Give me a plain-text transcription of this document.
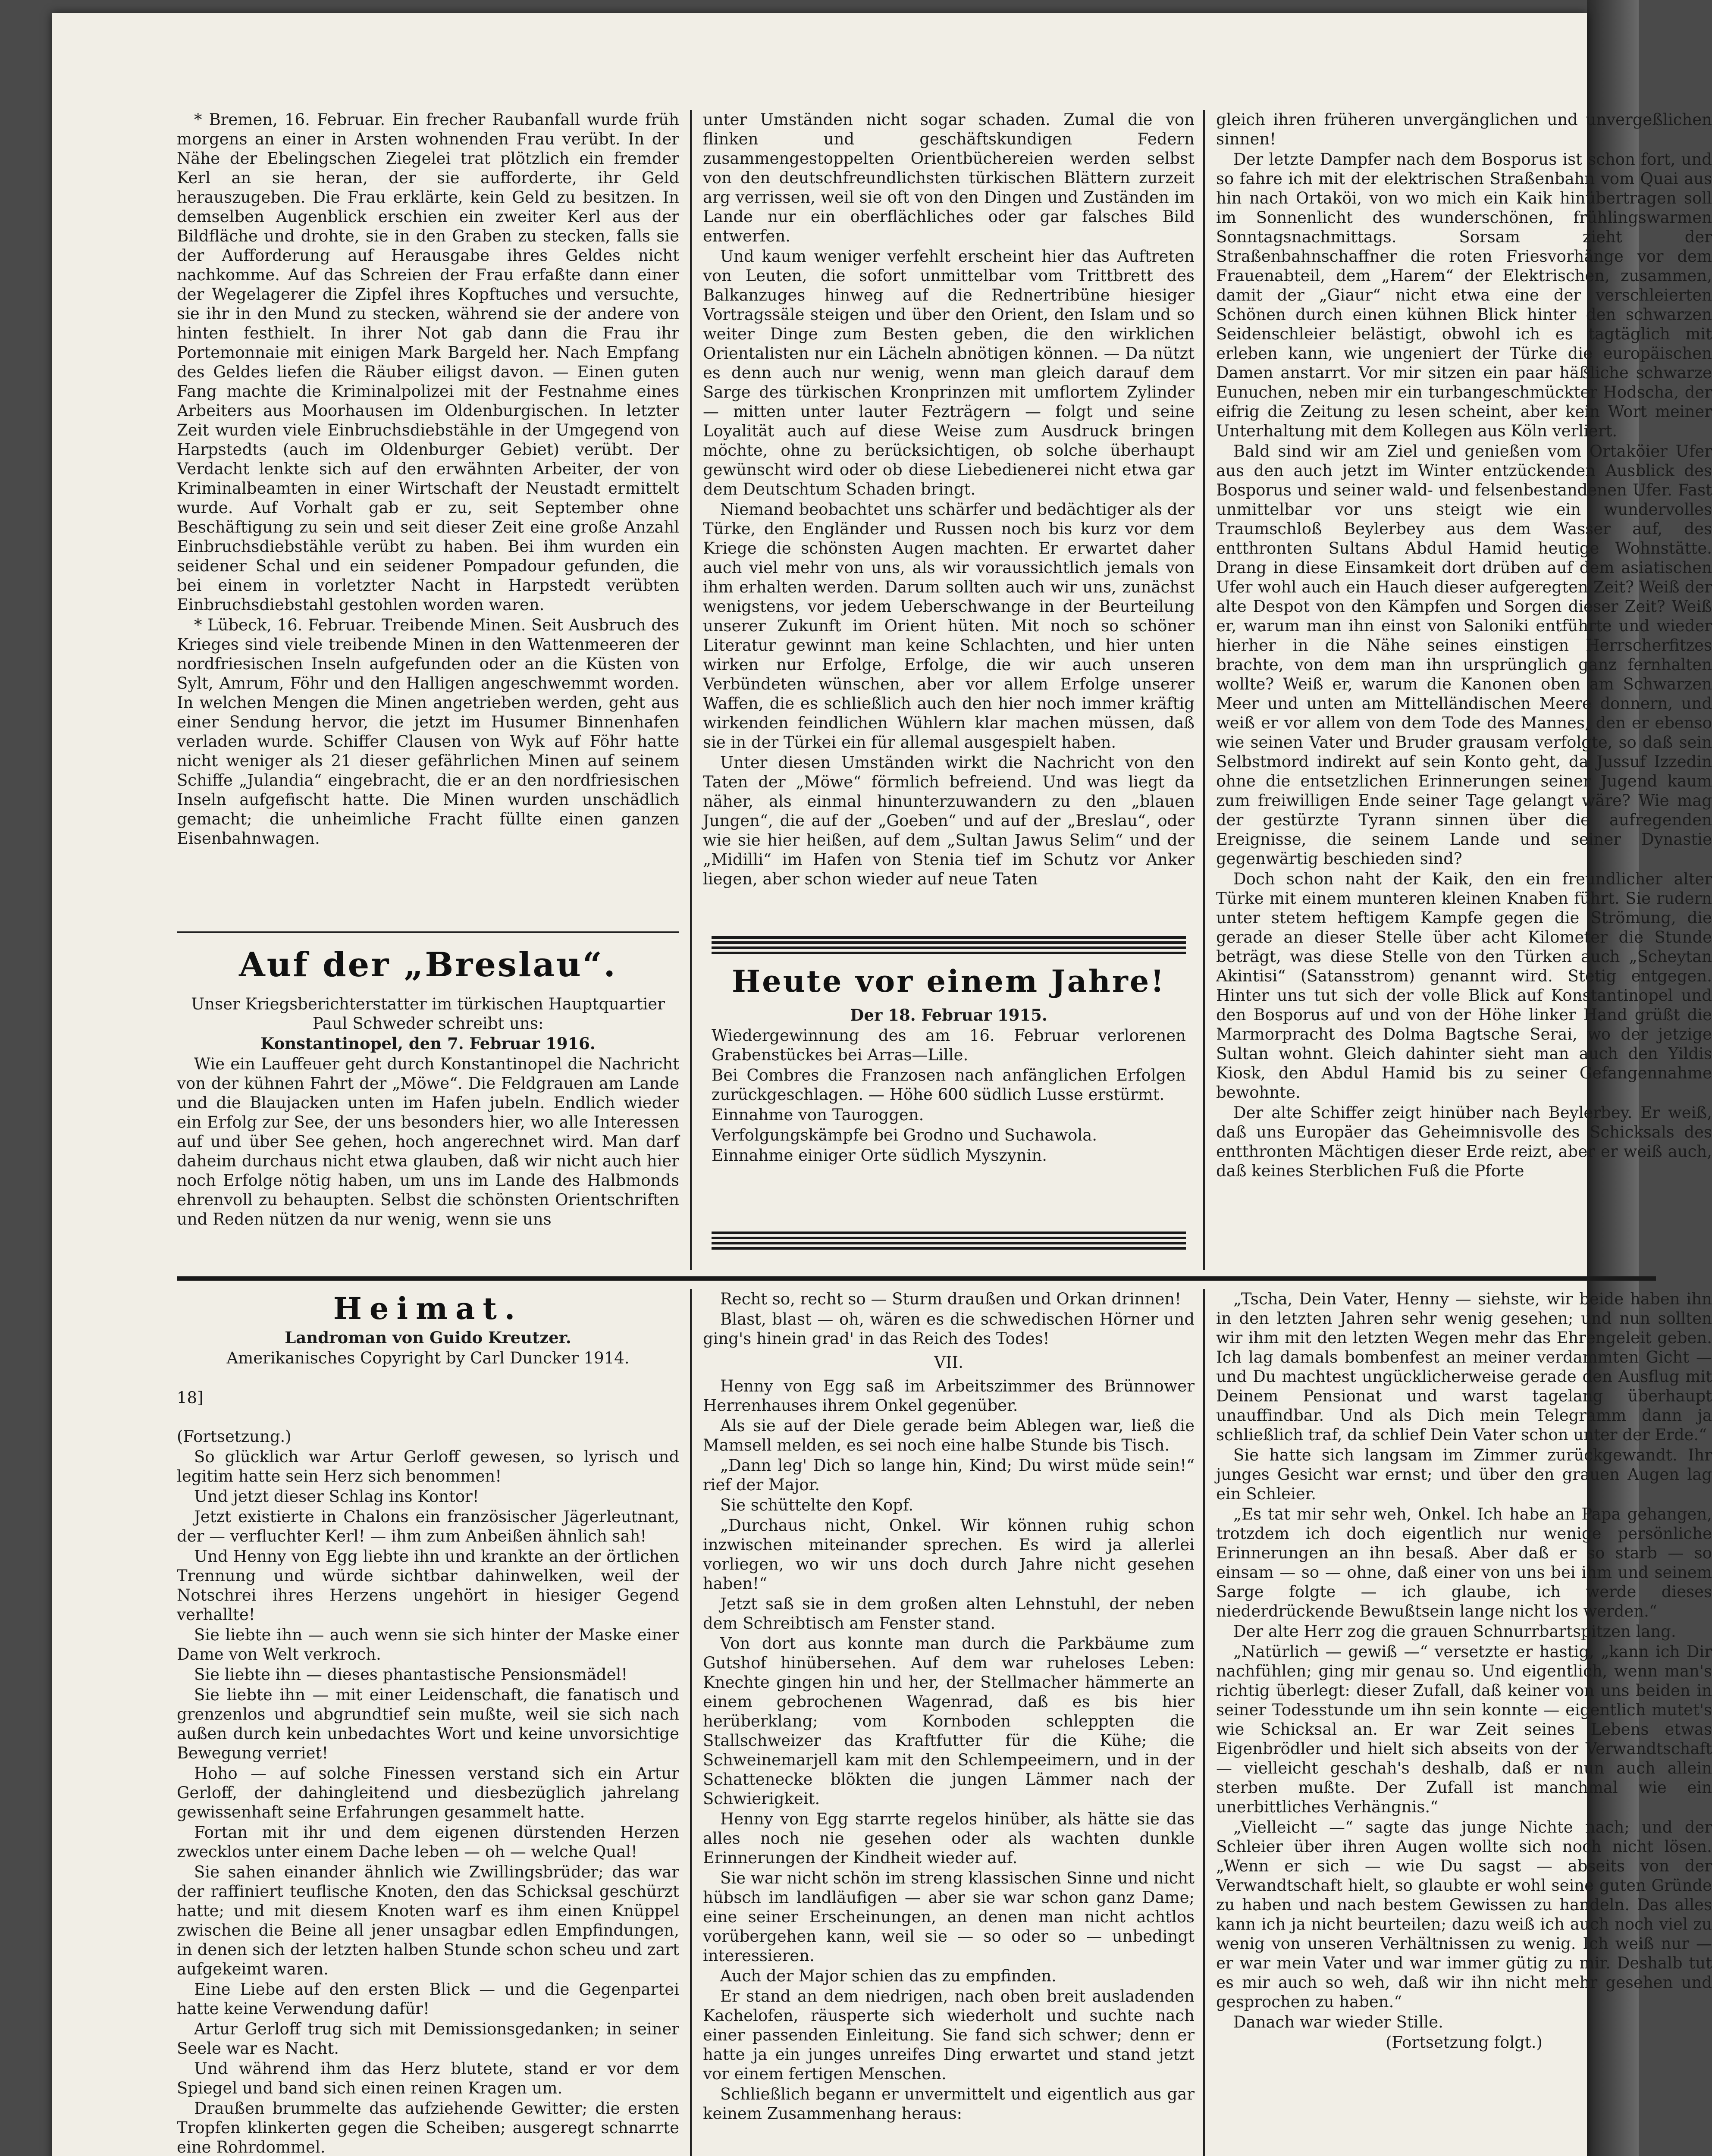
* Bremen, 16. Februar. Ein frecher Raubanfall wurde früh morgens an einer in Arsten wohnenden Frau verübt. In der Nähe der Ebelingschen Ziegelei trat plötzlich ein fremder Kerl an sie heran, der sie aufforderte, ihr Geld herauszugeben. Die Frau erklärte, kein Geld zu besitzen. In demselben Augenblick erschien ein zweiter Kerl aus der Bildfläche und drohte, sie in den Graben zu stecken, falls sie der Aufforderung auf Herausgabe ihres Geldes nicht nachkomme. Auf das Schreien der Frau erfaßte dann einer der Wegelagerer die Zipfel ihres Kopftuches und versuchte, sie ihr in den Mund zu stecken, während sie der andere von hinten festhielt. In ihrer Not gab dann die Frau ihr Portemonnaie mit einigen Mark Bargeld her. Nach Empfang des Geldes liefen die Räuber eiligst davon. — Einen guten Fang machte die Kriminalpolizei mit der Festnahme eines Arbeiters aus Moorhausen im Oldenburgischen. In letzter Zeit wurden viele Einbruchsdiebstähle in der Umgegend von Harpstedts (auch im Oldenburger Gebiet) verübt. Der Verdacht lenkte sich auf den erwähnten Arbeiter, der von Kriminalbeamten in einer Wirtschaft der Neustadt ermittelt wurde. Auf Vorhalt gab er zu, seit September ohne Beschäftigung zu sein und seit dieser Zeit eine große Anzahl Einbruchsdiebstähle verübt zu haben. Bei ihm wurden ein seidener Schal und ein seidener Pompadour gefunden, die bei einem in vorletzter Nacht in Harpstedt verübten Einbruchsdiebstahl gestohlen worden waren.

* Lübeck, 16. Februar. Treibende Minen. Seit Ausbruch des Krieges sind viele treibende Minen in den Wattenmeeren der nordfriesischen Inseln aufgefunden oder an die Küsten von Sylt, Amrum, Föhr und den Halligen angeschwemmt worden. In welchen Mengen die Minen angetrieben werden, geht aus einer Sendung hervor, die jetzt im Husumer Binnenhafen verladen wurde. Schiffer Clausen von Wyk auf Föhr hatte nicht weniger als 21 dieser gefährlichen Minen auf seinem Schiffe „Julandia“ eingebracht, die er an den nordfriesischen Inseln aufgefischt hatte. Die Minen wurden unschädlich gemacht; die unheimliche Fracht füllte einen ganzen Eisenbahnwagen.

Auf der „Breslau“.

Unser Kriegsberichterstatter im türkischen Hauptquartier Paul Schweder schreibt uns:

Konstantinopel, den 7. Februar 1916.

Wie ein Lauffeuer geht durch Konstantinopel die Nachricht von der kühnen Fahrt der „Möwe“. Die Feldgrauen am Lande und die Blaujacken unten im Hafen jubeln. Endlich wieder ein Erfolg zur See, der uns besonders hier, wo alle Interessen auf und über See gehen, hoch angerechnet wird. Man darf daheim durchaus nicht etwa glauben, daß wir nicht auch hier noch Erfolge nötig haben, um uns im Lande des Halbmonds ehrenvoll zu behaupten. Selbst die schönsten Orientschriften und Reden nützen da nur wenig, wenn sie uns

unter Umständen nicht sogar schaden. Zumal die von flinken und geschäftskundigen Federn zusammengestoppelten Orientbüchereien werden selbst von den deutschfreundlichsten türkischen Blättern zurzeit arg verrissen, weil sie oft von den Dingen und Zuständen im Lande nur ein oberflächliches oder gar falsches Bild entwerfen.

Und kaum weniger verfehlt erscheint hier das Auftreten von Leuten, die sofort unmittelbar vom Trittbrett des Balkanzuges hinweg auf die Rednertribüne hiesiger Vortragssäle steigen und über den Orient, den Islam und so weiter Dinge zum Besten geben, die den wirklichen Orientalisten nur ein Lächeln abnötigen können. — Da nützt es denn auch nur wenig, wenn man gleich darauf dem Sarge des türkischen Kronprinzen mit umflortem Zylinder — mitten unter lauter Fezträgern — folgt und seine Loyalität auch auf diese Weise zum Ausdruck bringen möchte, ohne zu berücksichtigen, ob solche überhaupt gewünscht wird oder ob diese Liebedienerei nicht etwa gar dem Deutschtum Schaden bringt.

Niemand beobachtet uns schärfer und bedächtiger als der Türke, den Engländer und Russen noch bis kurz vor dem Kriege die schönsten Augen machten. Er erwartet daher auch viel mehr von uns, als wir voraussichtlich jemals von ihm erhalten werden. Darum sollten auch wir uns, zunächst wenigstens, vor jedem Ueberschwange in der Beurteilung unserer Zukunft im Orient hüten. Mit noch so schöner Literatur gewinnt man keine Schlachten, und hier unten wirken nur Erfolge, Erfolge, die wir auch unseren Verbündeten wünschen, aber vor allem Erfolge unserer Waffen, die es schließlich auch den hier noch immer kräftig wirkenden feindlichen Wühlern klar machen müssen, daß sie in der Türkei ein für allemal ausgespielt haben.

Unter diesen Umständen wirkt die Nachricht von den Taten der „Möwe“ förmlich befreiend. Und was liegt da näher, als einmal hinunterzuwandern zu den „blauen Jungen“, die auf der „Goeben“ und auf der „Breslau“, oder wie sie hier heißen, auf dem „Sultan Jawus Selim“ und der „Midilli“ im Hafen von Stenia tief im Schutz vor Anker liegen, aber schon wieder auf neue Taten

Heute vor einem Jahre!

Der 18. Februar 1915.

Wiedergewinnung des am 16. Februar verlorenen Grabenstückes bei Arras—Lille.

Bei Combres die Franzosen nach anfänglichen Erfolgen zurückgeschlagen. — Höhe 600 südlich Lusse erstürmt.

Einnahme von Tauroggen.

Verfolgungskämpfe bei Grodno und Suchawola.

Einnahme einiger Orte südlich Myszynin.

gleich ihren früheren unvergänglichen und unvergeßlichen sinnen!

Der letzte Dampfer nach dem Bosporus ist schon fort, und so fahre ich mit der elektrischen Straßenbahn vom Quai aus hin nach Ortaköi, von wo mich ein Kaik hinübertragen soll im Sonnenlicht des wunderschönen, frühlingswarmen Sonntagsnachmittags. Sorsam zieht der Straßenbahnschaffner die roten Friesvorhänge vor dem Frauenabteil, dem „Harem“ der Elektrischen, zusammen, damit der „Giaur“ nicht etwa eine der verschleierten Schönen durch einen kühnen Blick hinter den schwarzen Seidenschleier belästigt, obwohl ich es tagtäglich mit erleben kann, wie ungeniert der Türke die europäischen Damen anstarrt. Vor mir sitzen ein paar häßliche schwarze Eunuchen, neben mir ein turbangeschmückter Hodscha, der eifrig die Zeitung zu lesen scheint, aber kein Wort meiner Unterhaltung mit dem Kollegen aus Köln verliert.

Bald sind wir am Ziel und genießen vom Ortaköier Ufer aus den auch jetzt im Winter entzückenden Ausblick des Bosporus und seiner wald- und felsenbestandenen Ufer. Fast unmittelbar vor uns steigt wie ein wundervolles Traumschloß Beylerbey aus dem Wasser auf, des entthronten Sultans Abdul Hamid heutige Wohnstätte. Drang in diese Einsamkeit dort drüben auf dem asiatischen Ufer wohl auch ein Hauch dieser aufgeregten Zeit? Weiß der alte Despot von den Kämpfen und Sorgen dieser Zeit? Weiß er, warum man ihn einst von Saloniki entführte und wieder hierher in die Nähe seines einstigen Herrscherfitzes brachte, von dem man ihn ursprünglich ganz fernhalten wollte? Weiß er, warum die Kanonen oben am Schwarzen Meer und unten am Mittelländischen Meere donnern, und weiß er vor allem von dem Tode des Mannes, den er ebenso wie seinen Vater und Bruder grausam verfolgte, so daß sein Selbstmord indirekt auf sein Konto geht, da Jussuf Izzedin ohne die entsetzlichen Erinnerungen seiner Jugend kaum zum freiwilligen Ende seiner Tage gelangt wäre? Wie mag der gestürzte Tyrann sinnen über die aufregenden Ereignisse, die seinem Lande und seiner Dynastie gegenwärtig beschieden sind?

Doch schon naht der Kaik, den ein freundlicher alter Türke mit einem munteren kleinen Knaben führt. Sie rudern unter stetem heftigem Kampfe gegen die Strömung, die gerade an dieser Stelle über acht Kilometer die Stunde beträgt, was diese Stelle von den Türken auch „Scheytan Akintisi“ (Satansstrom) genannt wird. Stetig entgegen. Hinter uns tut sich der volle Blick auf Konstantinopel und den Bosporus auf und von der Höhe linker Hand grüßt die Marmorpracht des Dolma Bagtsche Serai, wo der jetzige Sultan wohnt. Gleich dahinter sieht man auch den Yildis Kiosk, den Abdul Hamid bis zu seiner Gefangennahme bewohnte.

Der alte Schiffer zeigt hinüber nach Beylerbey. Er weiß, daß uns Europäer das Geheimnisvolle des Schicksals des entthronten Mächtigen dieser Erde reizt, aber er weiß auch, daß keines Sterblichen Fuß die Pforte

Heimat.

Landroman von Guido Kreutzer.

Amerikanisches Copyright by Carl Duncker 1914.

18]

(Fortsetzung.)

So glücklich war Artur Gerloff gewesen, so lyrisch und legitim hatte sein Herz sich benommen!

Und jetzt dieser Schlag ins Kontor!

Jetzt existierte in Chalons ein französischer Jägerleutnant, der — verfluchter Kerl! — ihm zum Anbeißen ähnlich sah!

Und Henny von Egg liebte ihn und krankte an der örtlichen Trennung und würde sichtbar dahinwelken, weil der Notschrei ihres Herzens ungehört in hiesiger Gegend verhallte!

Sie liebte ihn — auch wenn sie sich hinter der Maske einer Dame von Welt verkroch.

Sie liebte ihn — dieses phantastische Pensionsmädel!

Sie liebte ihn — mit einer Leidenschaft, die fanatisch und grenzenlos und abgrundtief sein mußte, weil sie sich nach außen durch kein unbedachtes Wort und keine unvorsichtige Bewegung verriet!

Hoho — auf solche Finessen verstand sich ein Artur Gerloff, der dahingleitend und diesbezüglich jahrelang gewissenhaft seine Erfahrungen gesammelt hatte.

Fortan mit ihr und dem eigenen dürstenden Herzen zwecklos unter einem Dache leben — oh — welche Qual!

Sie sahen einander ähnlich wie Zwillingsbrüder; das war der raffiniert teuflische Knoten, den das Schicksal geschürzt hatte; und mit diesem Knoten warf es ihm einen Knüppel zwischen die Beine all jener unsagbar edlen Empfindungen, in denen sich der letzten halben Stunde schon scheu und zart aufgekeimt waren.

Eine Liebe auf den ersten Blick — und die Gegenpartei hatte keine Verwendung dafür!

Artur Gerloff trug sich mit Demissionsgedanken; in seiner Seele war es Nacht.

Und während ihm das Herz blutete, stand er vor dem Spiegel und band sich einen reinen Kragen um.

Draußen brummelte das aufziehende Gewitter; die ersten Tropfen klinkerten gegen die Scheiben; ausgeregt schnarrte eine Rohrdommel.

Recht so, recht so — Sturm draußen und Orkan drinnen!

Blast, blast — oh, wären es die schwedischen Hörner und ging's hinein grad' in das Reich des Todes!

VII.

Henny von Egg saß im Arbeitszimmer des Brünnower Herrenhauses ihrem Onkel gegenüber.

Als sie auf der Diele gerade beim Ablegen war, ließ die Mamsell melden, es sei noch eine halbe Stunde bis Tisch.

„Dann leg' Dich so lange hin, Kind; Du wirst müde sein!“ rief der Major.

Sie schüttelte den Kopf.

„Durchaus nicht, Onkel. Wir können ruhig schon inzwischen miteinander sprechen. Es wird ja allerlei vorliegen, wo wir uns doch durch Jahre nicht gesehen haben!“

Jetzt saß sie in dem großen alten Lehnstuhl, der neben dem Schreibtisch am Fenster stand.

Von dort aus konnte man durch die Parkbäume zum Gutshof hinübersehen. Auf dem war ruheloses Leben: Knechte gingen hin und her, der Stellmacher hämmerte an einem gebrochenen Wagenrad, daß es bis hier herüberklang; vom Kornboden schleppten die Stallschweizer das Kraftfutter für die Kühe; die Schweinemarjell kam mit den Schlempeeimern, und in der Schattenecke blökten die jungen Lämmer nach der Schwierigkeit.

Henny von Egg starrte regelos hinüber, als hätte sie das alles noch nie gesehen oder als wachten dunkle Erinnerungen der Kindheit wieder auf.

Sie war nicht schön im streng klassischen Sinne und nicht hübsch im landläufigen — aber sie war schon ganz Dame; eine seiner Erscheinungen, an denen man nicht achtlos vorübergehen kann, weil sie — so oder so — unbedingt interessieren.

Auch der Major schien das zu empfinden.

Er stand an dem niedrigen, nach oben breit ausladenden Kachelofen, räusperte sich wiederholt und suchte nach einer passenden Einleitung. Sie fand sich schwer; denn er hatte ja ein junges unreifes Ding erwartet und stand jetzt vor einem fertigen Menschen.

Schließlich begann er unvermittelt und eigentlich aus gar keinem Zusammenhang heraus:

„Tscha, Dein Vater, Henny — siehste, wir beide haben ihn in den letzten Jahren sehr wenig gesehen; und nun sollten wir ihm mit den letzten Wegen mehr das Ehrengeleit geben. Ich lag damals bombenfest an meiner verdammten Gicht — und Du machtest ungücklicherweise gerade den Ausflug mit Deinem Pensionat und warst tagelang überhaupt unauffindbar. Und als Dich mein Telegramm dann ja schließlich traf, da schlief Dein Vater schon unter der Erde.“

Sie hatte sich langsam im Zimmer zurückgewandt. Ihr junges Gesicht war ernst; und über den grauen Augen lag ein Schleier.

„Es tat mir sehr weh, Onkel. Ich habe an Papa gehangen, trotzdem ich doch eigentlich nur wenige persönliche Erinnerungen an ihn besaß. Aber daß er so starb — so einsam — so — ohne, daß einer von uns bei ihm und seinem Sarge folgte — ich glaube, ich werde dieses niederdrückende Bewußtsein lange nicht los werden.“

Der alte Herr zog die grauen Schnurrbartspitzen lang.

„Natürlich — gewiß —“ versetzte er hastig, „kann ich Dir nachfühlen; ging mir genau so. Und eigentlich, wenn man's richtig überlegt: dieser Zufall, daß keiner von uns beiden in seiner Todesstunde um ihn sein konnte — eigentlich mutet's wie Schicksal an. Er war Zeit seines Lebens etwas Eigenbrödler und hielt sich abseits von der Verwandtschaft — vielleicht geschah's deshalb, daß er nun auch allein sterben mußte. Der Zufall ist manchmal wie ein unerbittliches Verhängnis.“

„Vielleicht —“ sagte das junge Nichte nach; und der Schleier über ihren Augen wollte sich noch nicht lösen. „Wenn er sich — wie Du sagst — abseits von der Verwandtschaft hielt, so glaubte er wohl seine guten Gründe zu haben und nach bestem Gewissen zu handeln. Das alles kann ich ja nicht beurteilen; dazu weiß ich auch noch viel zu wenig von unseren Verhältnissen zu wenig. Ich weiß nur — er war mein Vater und war immer gütig zu mir. Deshalb tut es mir auch so weh, daß wir ihn nicht mehr gesehen und gesprochen zu haben.“

Danach war wieder Stille.

(Fortsetzung folgt.)
